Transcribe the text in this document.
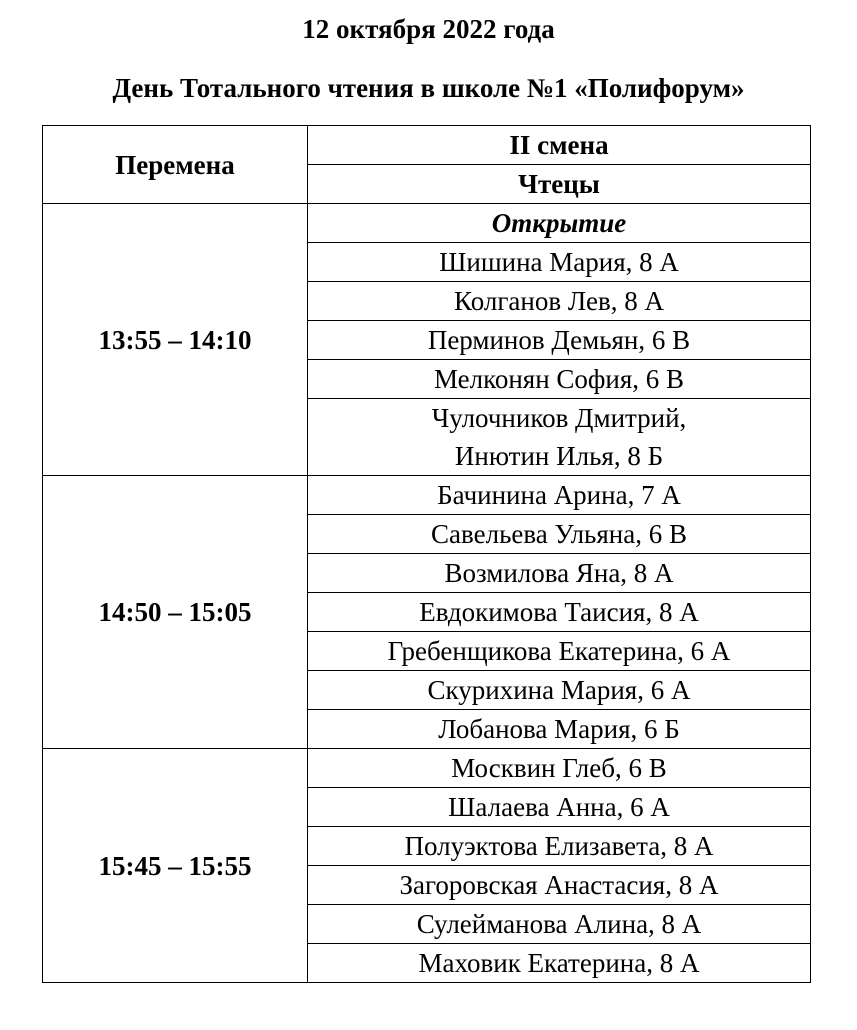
12 октября 2022 года
День Тотального чтения в школе №1 «Полифорум»
Перемена	II смена
	Чтецы
13:55 – 14:10	Открытие
	Шишина Мария, 8 А
	Колганов Лев, 8 А
	Перминов Демьян, 6 В
	Мелконян София, 6 В
	Чулочников Дмитрий,
	Инютин Илья, 8 Б
14:50 – 15:05	Бачинина Арина, 7 А
	Савельева Ульяна, 6 В
	Возмилова Яна, 8 А
	Евдокимова Таисия, 8 А
	Гребенщикова Екатерина, 6 А
	Скурихина Мария, 6 А
	Лобанова Мария, 6 Б
15:45 – 15:55	Москвин Глеб, 6 В
	Шалаева Анна, 6 А
	Полуэктова Елизавета, 8 А
	Загоровская Анастасия, 8 А
	Сулейманова Алина, 8 А
	Маховик Екатерина, 8 А
